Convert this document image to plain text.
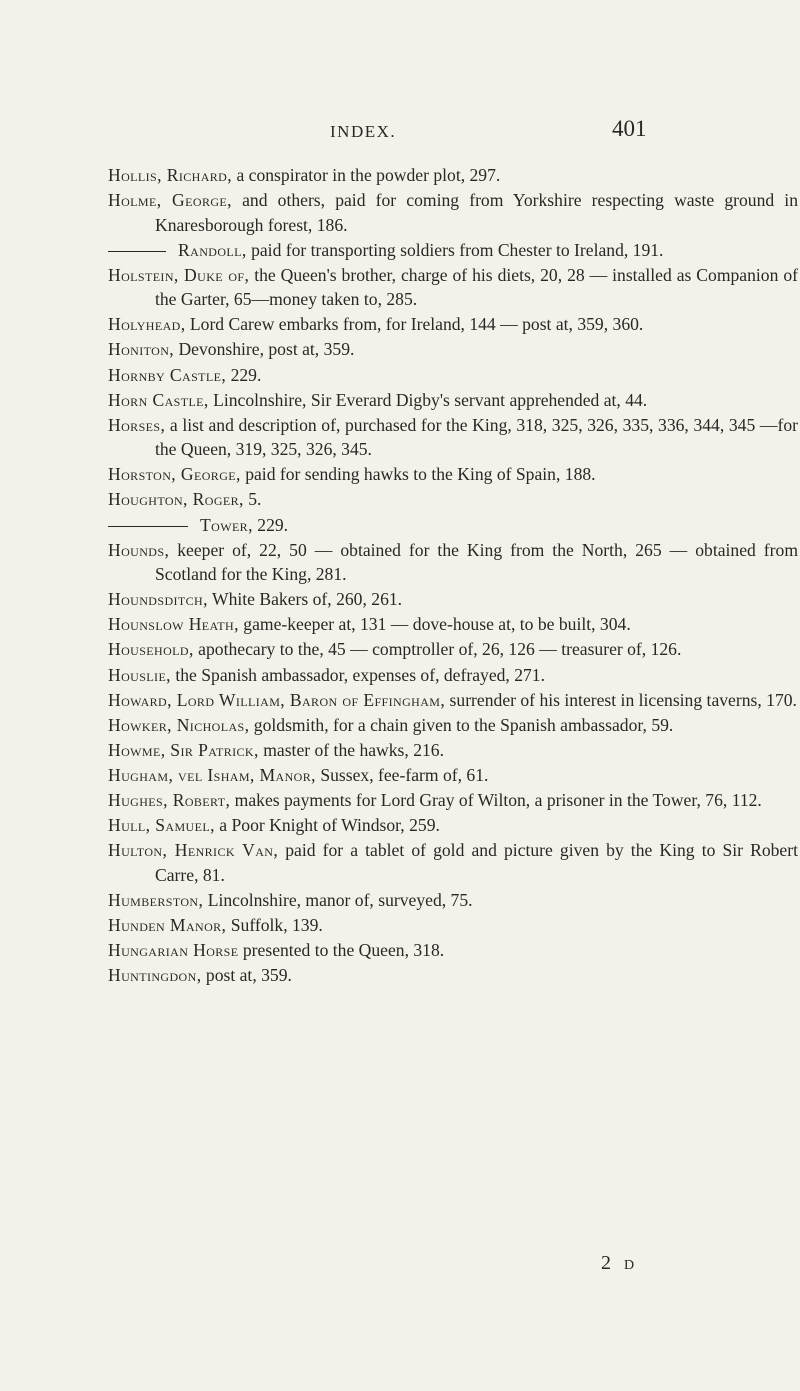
INDEX.	401

Hollis, Richard, a conspirator in the powder plot, 297.

Holme, George, and others, paid for coming from Yorkshire respecting waste ground in Knaresborough forest, 186.

Randoll, paid for transporting soldiers from Chester to Ireland, 191.

Holstein, Duke of, the Queen's brother, charge of his diets, 20, 28 — installed as Companion of the Garter, 65—money taken to, 285.

Holyhead, Lord Carew embarks from, for Ireland, 144 — post at, 359, 360.

Honiton, Devonshire, post at, 359.

Hornby Castle, 229.

Horn Castle, Lincolnshire, Sir Everard Digby's servant apprehended at, 44.

Horses, a list and description of, purchased for the King, 318, 325, 326, 335, 336, 344, 345 —for the Queen, 319, 325, 326, 345.

Horston, George, paid for sending hawks to the King of Spain, 188.

Houghton, Roger, 5.

Tower, 229.

Hounds, keeper of, 22, 50 — obtained for the King from the North, 265 — obtained from Scotland for the King, 281.

Houndsditch, White Bakers of, 260, 261.

Hounslow Heath, game-keeper at, 131 — dove-house at, to be built, 304.

Household, apothecary to the, 45 — comptroller of, 26, 126 — treasurer of, 126.

Houslie, the Spanish ambassador, expenses of, defrayed, 271.

Howard, Lord William, Baron of Effingham, surrender of his interest in licensing taverns, 170.

Howker, Nicholas, goldsmith, for a chain given to the Spanish ambassador, 59.

Howme, Sir Patrick, master of the hawks, 216.

Hugham, vel Isham, Manor, Sussex, fee-farm of, 61.

Hughes, Robert, makes payments for Lord Gray of Wilton, a prisoner in the Tower, 76, 112.

Hull, Samuel, a Poor Knight of Windsor, 259.

Hulton, Henrick Van, paid for a tablet of gold and picture given by the King to Sir Robert Carre, 81.

Humberston, Lincolnshire, manor of, surveyed, 75.

Hunden Manor, Suffolk, 139.

Hungarian Horse presented to the Queen, 318.

Huntingdon, post at, 359.

2 D
